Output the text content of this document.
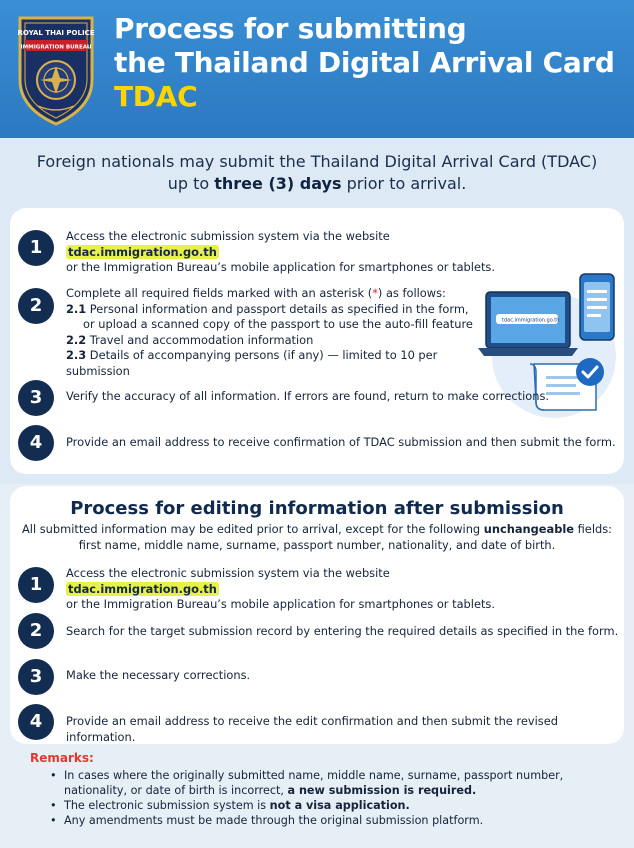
ROYAL THAI POLICE
IMMIGRATION BUREAU
Process for submitting
the Thailand Digital Arrival Card
TDAC
Foreign nationals may submit the Thailand Digital Arrival Card (TDAC)
up to three (3) days prior to arrival.
1
Access the electronic submission system via the website tdac.immigration.go.th
or the Immigration Bureau’s mobile application for smartphones or tablets.
2
Complete all required fields marked with an asterisk (*) as follows:
2.1 Personal information and passport details as specified in the form,
or upload a scanned copy of the passport to use the auto-fill feature
2.2 Travel and accommodation information
2.3 Details of accompanying persons (if any) — limited to 10 per submission
tdac.immigration.go.th
3	Verify the accuracy of all information. If errors are found, return to make corrections.
4	Provide an email address to receive confirmation of TDAC submission and then submit the form.
Process for editing information after submission
All submitted information may be edited prior to arrival, except for the following unchangeable fields:
first name, middle name, surname, passport number, nationality, and date of birth.
1
Access the electronic submission system via the website tdac.immigration.go.th
or the Immigration Bureau’s mobile application for smartphones or tablets.
2	Search for the target submission record by entering the required details as specified in the form.
3	Make the necessary corrections.
4	Provide an email address to receive the edit confirmation and then submit the revised information.
Remarks:
• In cases where the originally submitted name, middle name, surname, passport number,
nationality, or date of birth is incorrect, a new submission is required.
• The electronic submission system is not a visa application.
• Any amendments must be made through the original submission platform.
